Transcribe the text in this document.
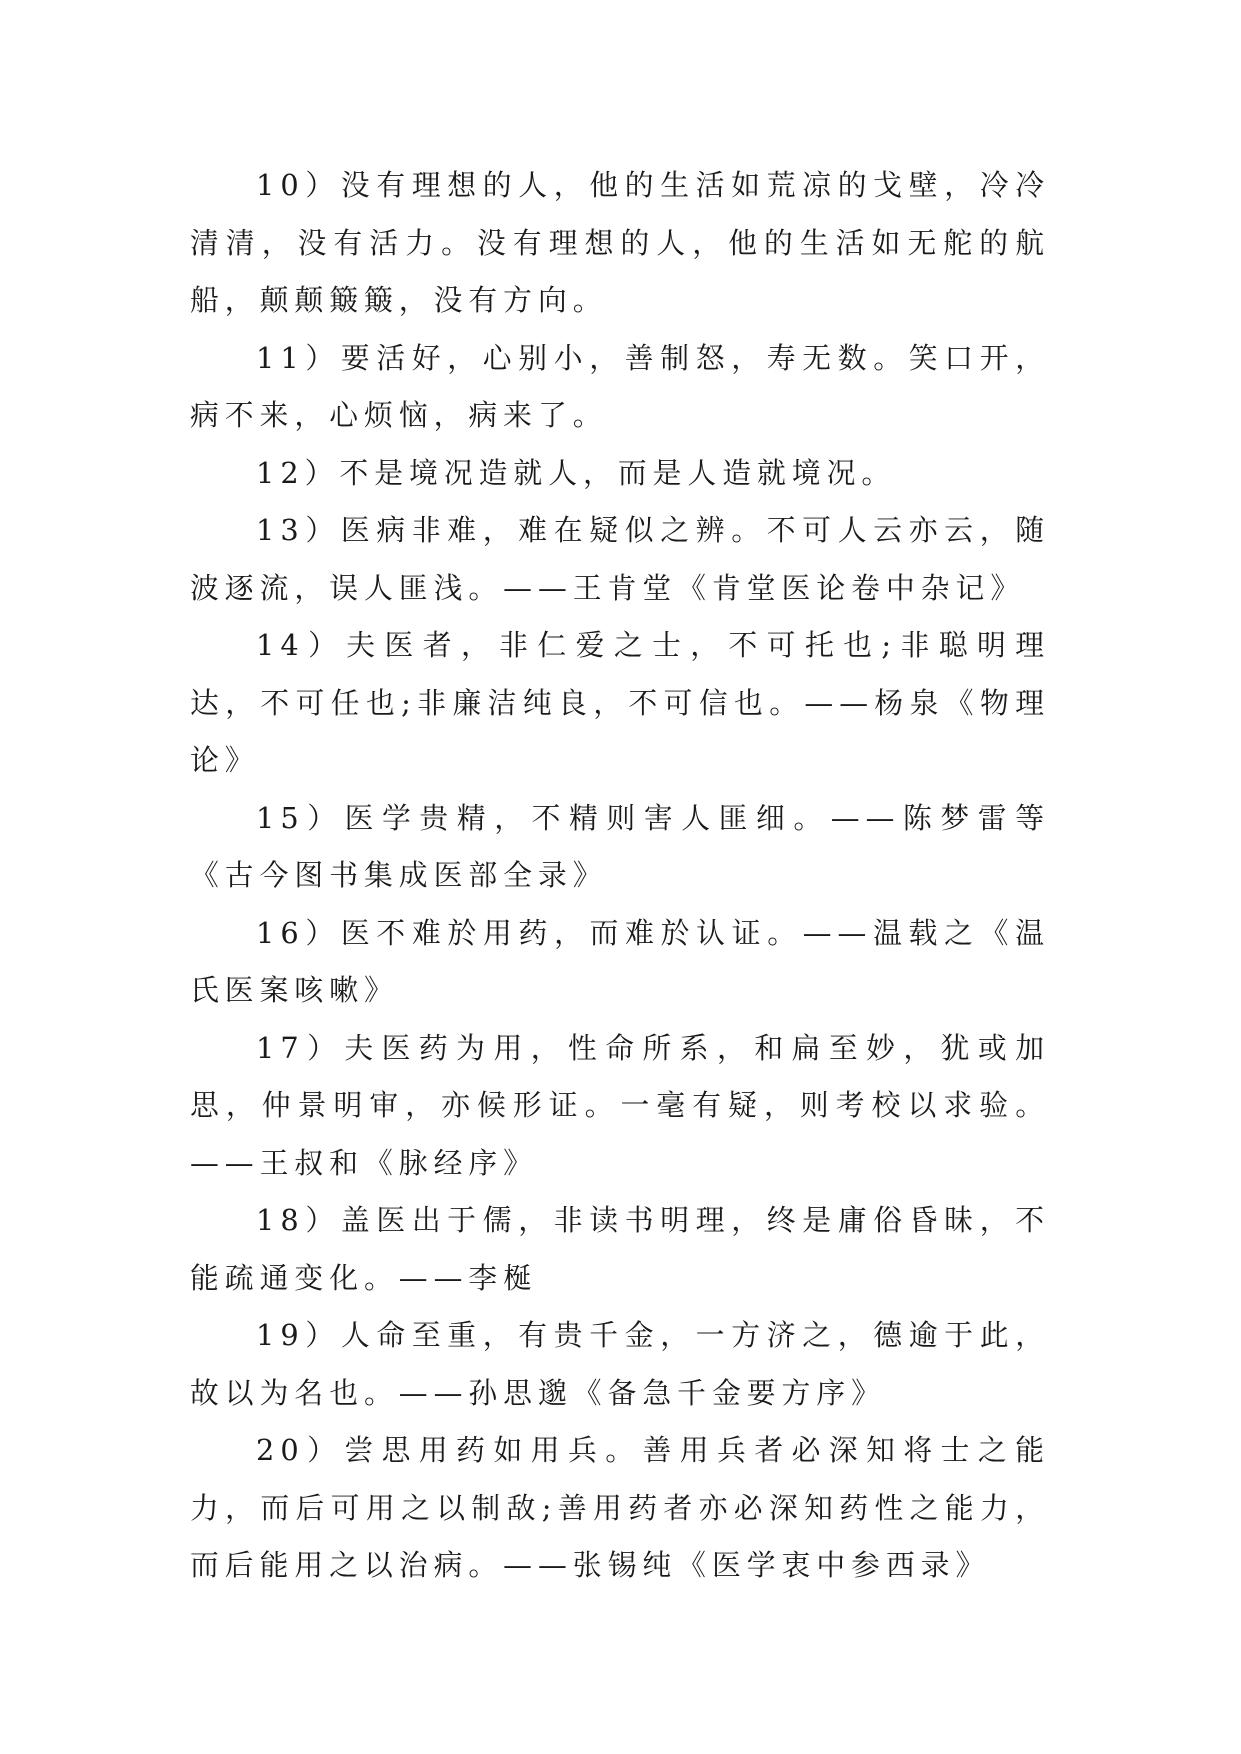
10）没有理想的人，他的生活如荒凉的戈壁，冷冷清清，没有活力。没有理想的人，他的生活如无舵的航船，颠颠簸簸，没有方向。

11）要活好，心别小，善制怒，寿无数。笑口开，病不来，心烦恼，病来了。

12）不是境况造就人，而是人造就境况。

13）医病非难，难在疑似之辨。不可人云亦云，随波逐流，误人匪浅。——王肯堂《肯堂医论卷中杂记》

14）夫医者，非仁爱之士，不可托也;非聪明理达，不可任也;非廉洁纯良，不可信也。——杨泉《物理论》

15）医学贵精，不精则害人匪细。——陈梦雷等《古今图书集成医部全录》

16）医不难於用药，而难於认证。——温载之《温氏医案咳嗽》

17）夫医药为用，性命所系，和扁至妙，犹或加思，仲景明审，亦候形证。一毫有疑，则考校以求验。——王叔和《脉经序》

18）盖医出于儒，非读书明理，终是庸俗昏昧，不能疏通变化。——李梴

19）人命至重，有贵千金，一方济之，德逾于此，故以为名也。——孙思邈《备急千金要方序》

20）尝思用药如用兵。善用兵者必深知将士之能力，而后可用之以制敌;善用药者亦必深知药性之能力，而后能用之以治病。——张锡纯《医学衷中参西录》
